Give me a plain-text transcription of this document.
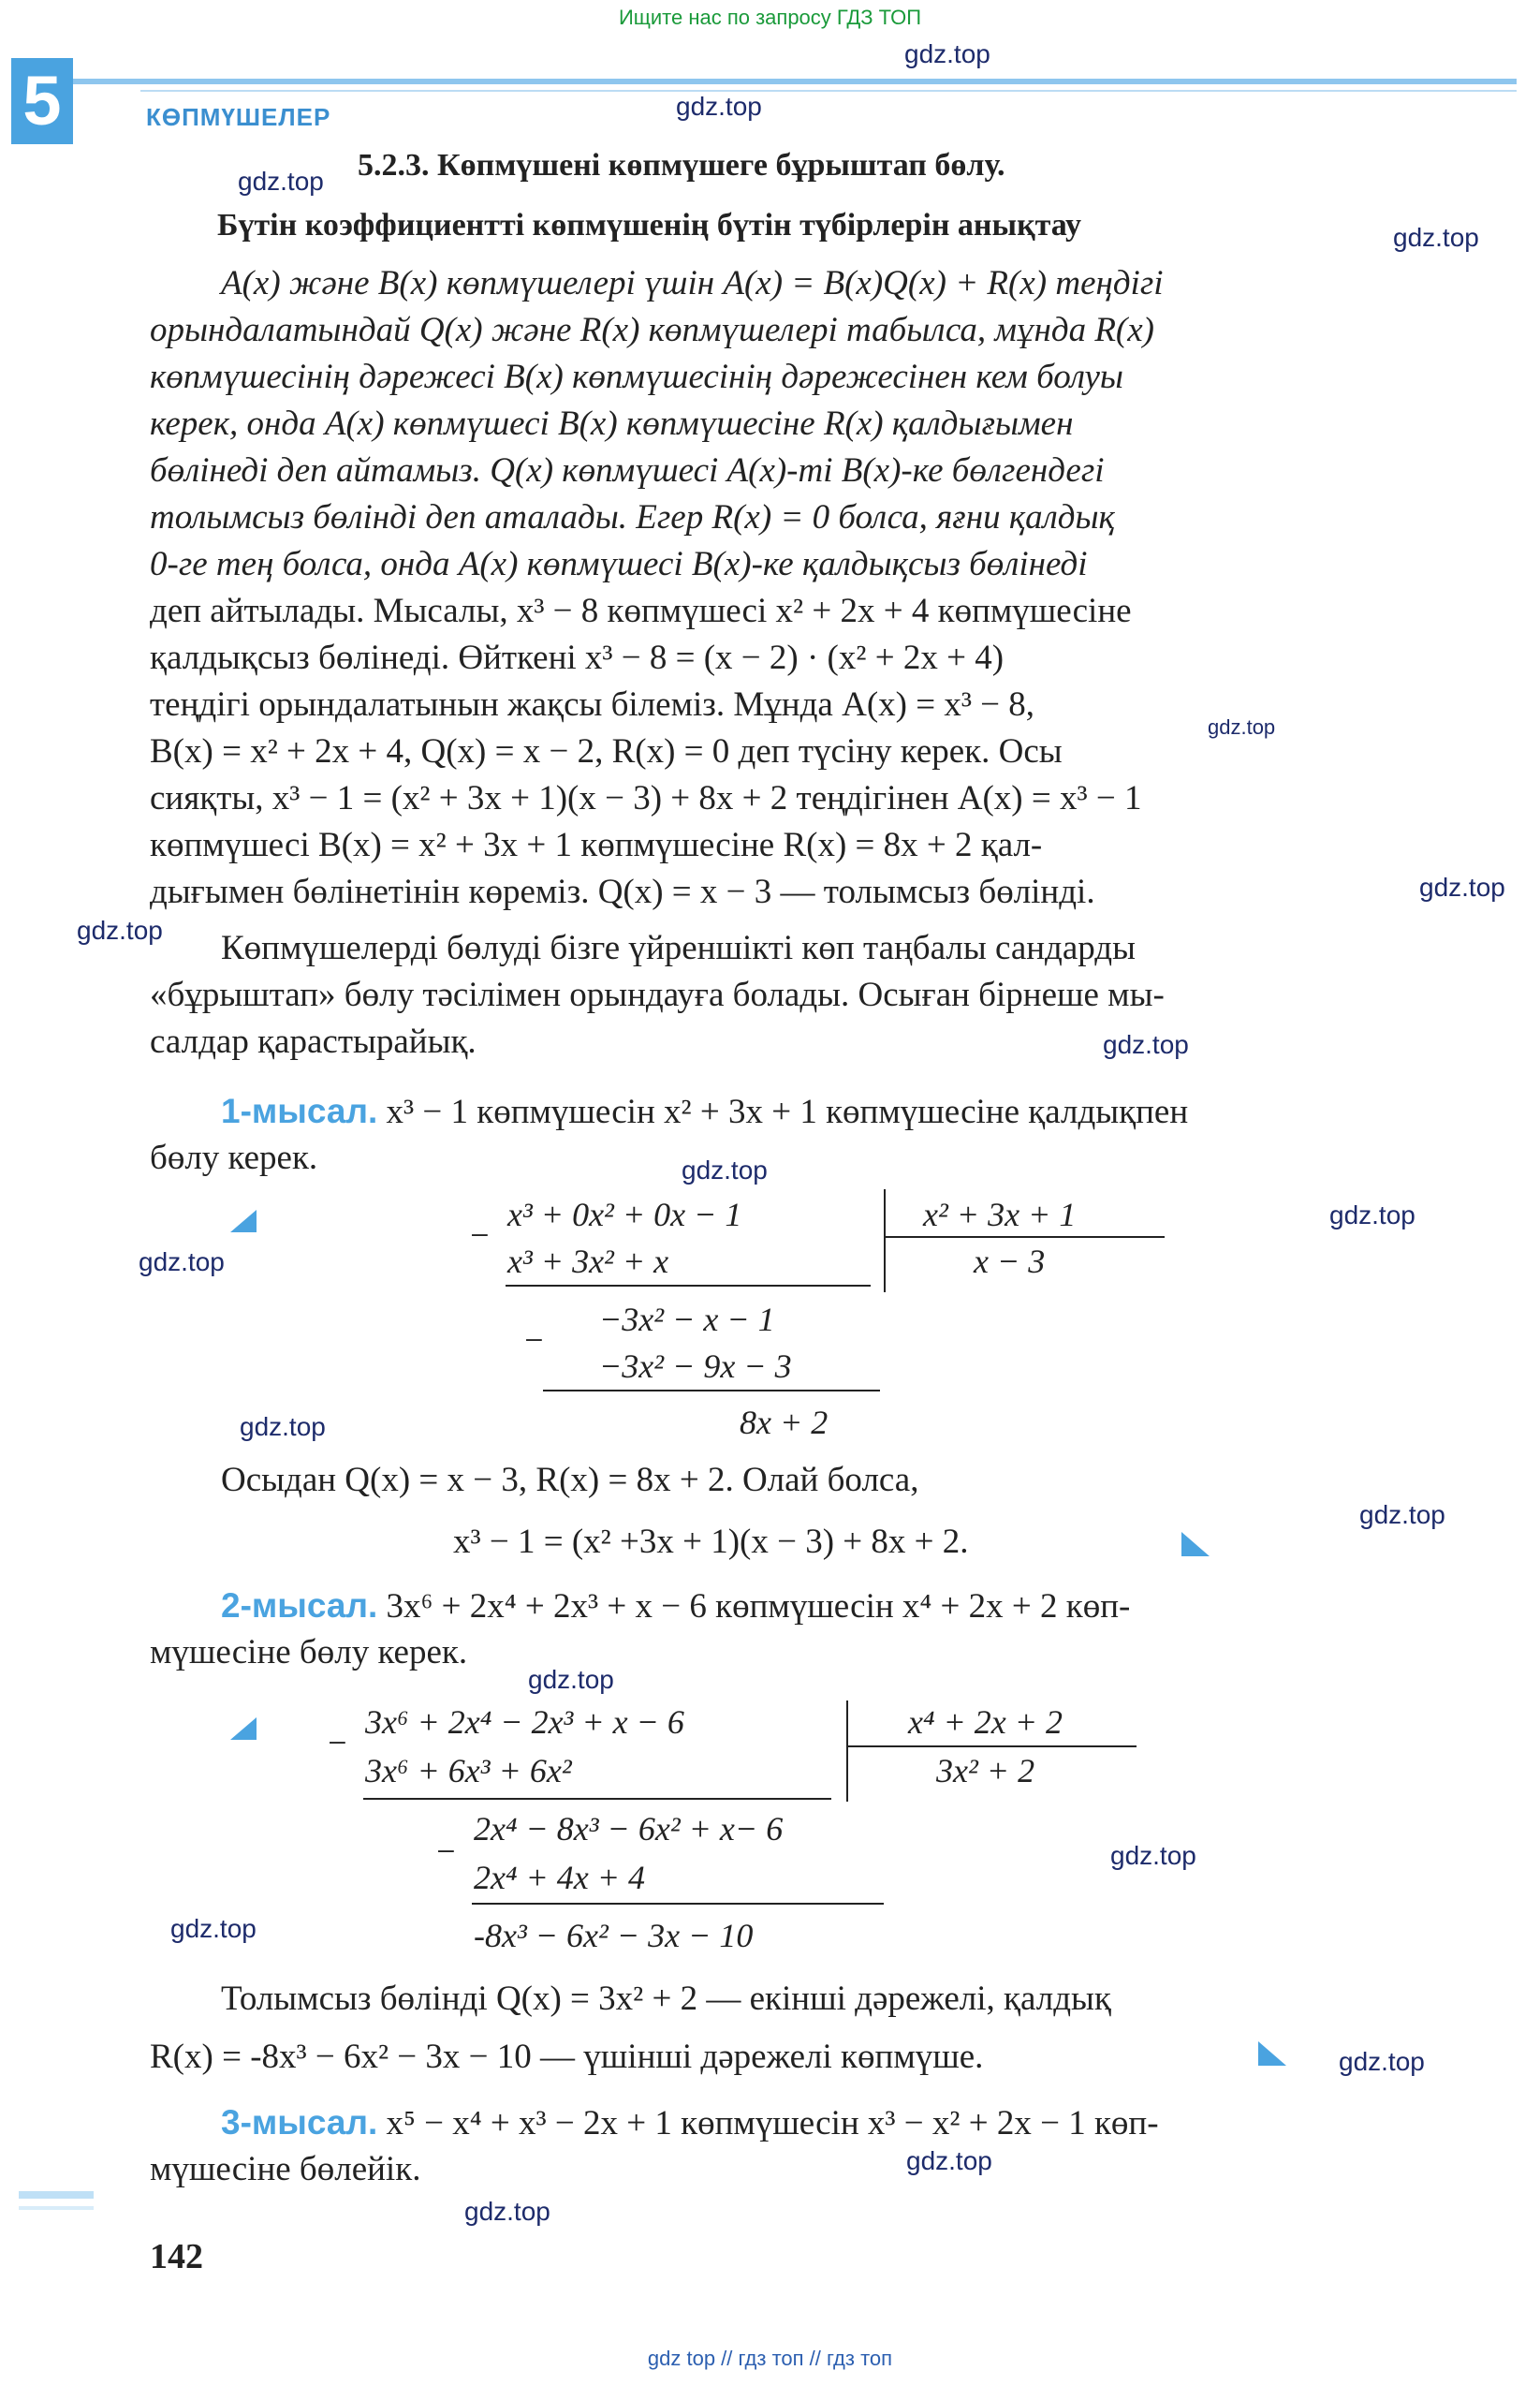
Ищите нас по запросу ГДЗ ТОП
5	КӨПМҮШЕЛЕР
5.2.3. Көпмүшені көпмүшеге бұрыштап бөлу.
Бүтін коэффициентті көпмүшенің бүтін түбірлерін анықтау
A(x) және B(x) көпмүшелері үшін A(x) = B(x)Q(x) + R(x) теңдігі
орындалатындай Q(x) және R(x) көпмүшелері табылса, мұнда R(x)
көпмүшесінің дәрежесі B(x) көпмүшесінің дәрежесінен кем болуы
керек, онда A(x) көпмүшесі B(x) көпмүшесіне R(x) қалдығымен
бөлінеді деп айтамыз. Q(x) көпмүшесі A(x)-ті B(x)-ке бөлгендегі
толымсыз бөлінді деп аталады. Егер R(x) = 0 болса, яғни қалдық
0-ге тең болса, онда A(x) көпмүшесі B(x)-ке қалдықсыз бөлінеді
деп айтылады. Мысалы, x³ − 8 көпмүшесі x² + 2x + 4 көпмүшесіне
қалдықсыз бөлінеді. Өйткені x³ − 8 = (x − 2) · (x² + 2x + 4)
теңдігі орындалатынын жақсы білеміз. Мұнда A(x) = x³ − 8,
B(x) = x² + 2x + 4, Q(x) = x − 2, R(x) = 0 деп түсіну керек. Осы
сияқты, x³ − 1 = (x² + 3x + 1)(x − 3) + 8x + 2 теңдігінен A(x) = x³ − 1
көпмүшесі B(x) = x² + 3x + 1 көпмүшесіне R(x) = 8x + 2 қал-
дығымен бөлінетінін көреміз. Q(x) = x − 3 — толымсыз бөлінді.
Көпмүшелерді бөлуді бізге үйреншікті көп таңбалы сандарды
«бұрыштап» бөлу тәсілімен орындауға болады. Осыған бірнеше мы-
салдар қарастырайық.
1-мысал. x³ − 1 көпмүшесін x² + 3x + 1 көпмүшесіне қалдықпен
бөлу керек.
x³ + 0x² + 0x − 1	x² + 3x + 1
−
x³ + 3x² + x	x − 3
−3x² − x − 1
−
−3x² − 9x − 3
8x + 2
Осыдан Q(x) = x − 3, R(x) = 8x + 2. Олай болса,
x³ − 1 = (x² +3x + 1)(x − 3) + 8x + 2.
2-мысал. 3x⁶ + 2x⁴ + 2x³ + x − 6 көпмүшесін x⁴ + 2x + 2 көп-
мүшесіне бөлу керек.
3x⁶ + 2x⁴ − 2x³ + x − 6	x⁴ + 2x + 2
−
3x⁶ + 6x³ + 6x²	3x² + 2
2x⁴ − 8x³ − 6x² + x− 6
−
2x⁴ + 4x + 4
-8x³ − 6x² − 3x − 10
Толымсыз бөлінді Q(x) = 3x² + 2 — екінші дәрежелі, қалдық
R(x) = -8x³ − 6x² − 3x − 10 — үшінші дәрежелі көпмүше.
3-мысал. x⁵ − x⁴ + x³ − 2x + 1 көпмүшесін x³ − x² + 2x − 1 көп-
мүшесіне бөлейік.
142
gdz.top
gdz.top
gdz.top
gdz.top
gdz.top
gdz.top
gdz.top
gdz.top
gdz.top
gdz.top
gdz.top
gdz.top
gdz.top
gdz.top
gdz.top
gdz.top
gdz.top
gdz.top
gdz.top
gdz top // гдз топ // гдз топ
